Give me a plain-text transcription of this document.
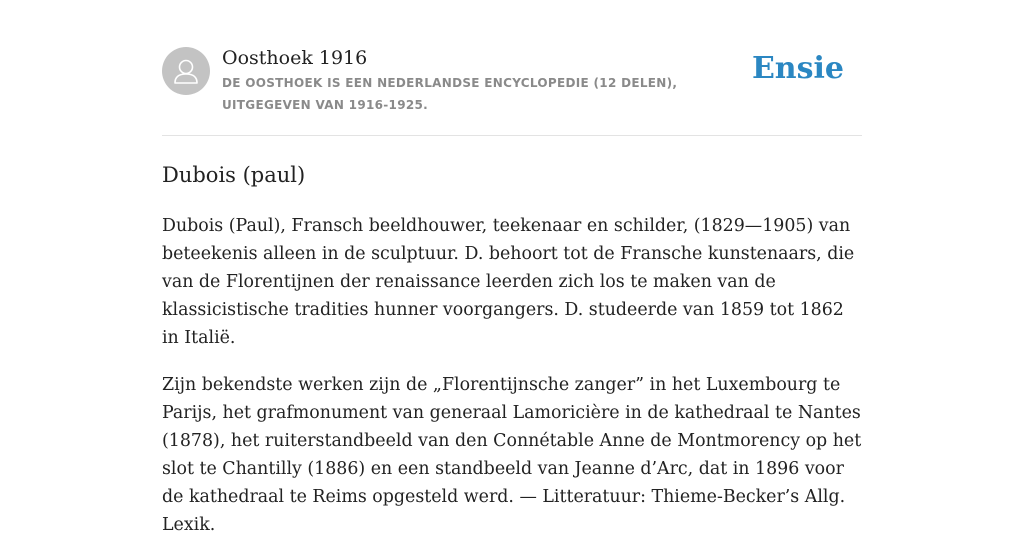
Oosthoek 1916
DE OOSTHOEK IS EEN NEDERLANDSE ENCYCLOPEDIE (12 DELEN), UITGEGEVEN VAN 1916-1925.
Ensie
Dubois (paul)

Dubois (Paul), Fransch beeldhouwer, teekenaar en schilder, (1829—1905) van beteekenis alleen in de sculptuur. D. behoort tot de Fransche kunstenaars, die van de Florentijnen der renaissance leerden zich los te maken van de klassicistische tradities hunner voorgangers. D. studeerde van 1859 tot 1862 in Italië.

Zijn bekendste werken zijn de „Florentijnsche zanger” in het Luxembourg te Parijs, het grafmonument van generaal Lamoricière in de kathedraal te Nantes (1878), het ruiterstandbeeld van den Connétable Anne de Montmorency op het slot te Chantilly (1886) en een standbeeld van Jeanne d’Arc, dat in 1896 voor de kathedraal te Reims opgesteld werd. — Litteratuur: Thieme-Becker’s Allg. Lexik.
